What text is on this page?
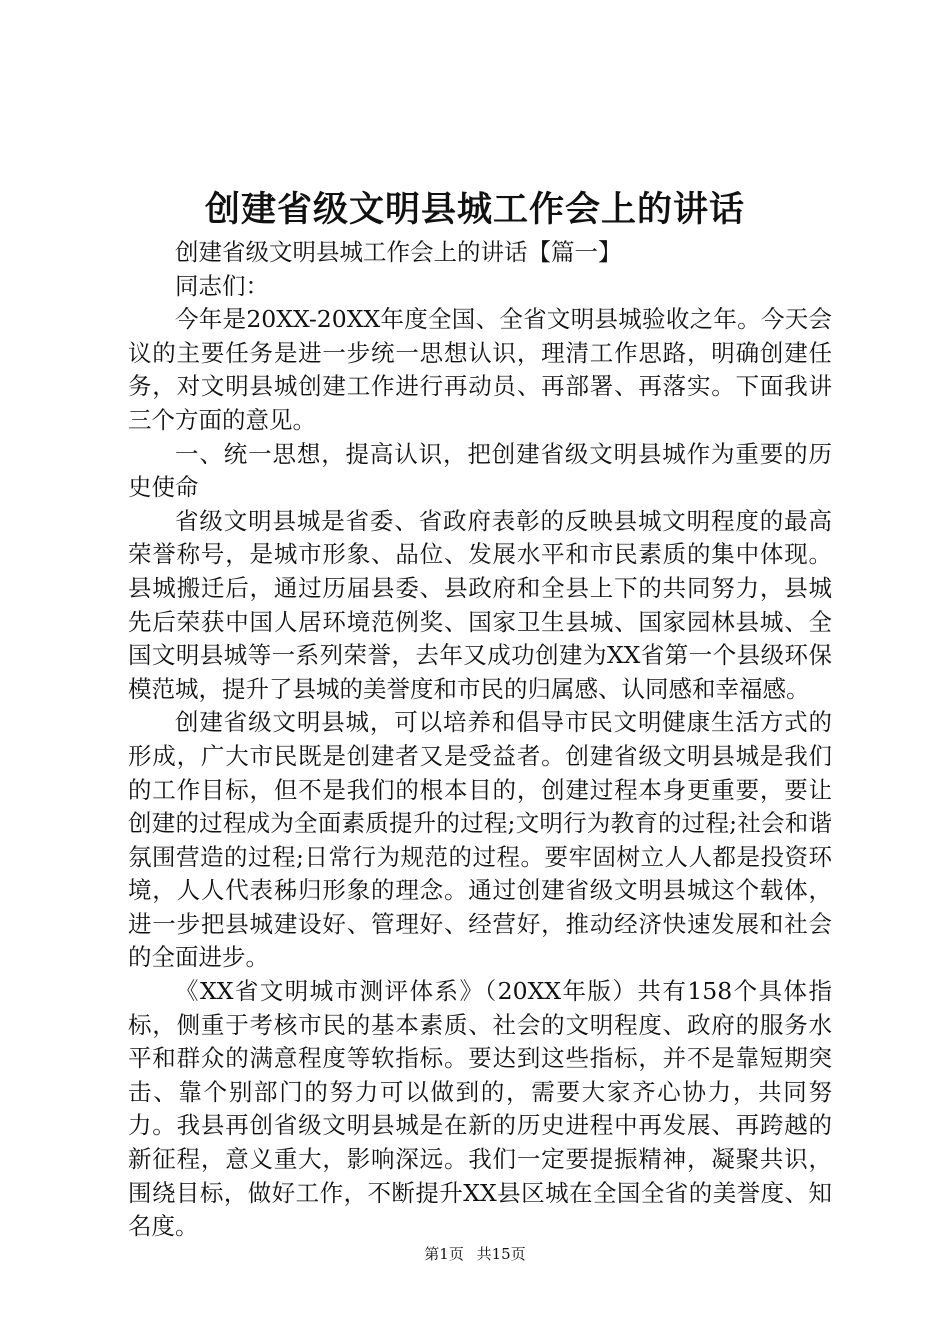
创建省级文明县城工作会上的讲话

创建省级文明县城工作会上的讲话【篇一】

同志们：

今年是20XX-20XX年度全国、全省文明县城验收之年。今天会议的主要任务是进一步统一思想认识，理清工作思路，明确创建任务，对文明县城创建工作进行再动员、再部署、再落实。下面我讲三个方面的意见。

一、统一思想，提高认识，把创建省级文明县城作为重要的历史使命

省级文明县城是省委、省政府表彰的反映县城文明程度的最高荣誉称号，是城市形象、品位、发展水平和市民素质的集中体现。县城搬迁后，通过历届县委、县政府和全县上下的共同努力，县城先后荣获中国人居环境范例奖、国家卫生县城、国家园林县城、全国文明县城等一系列荣誉，去年又成功创建为XX省第一个县级环保模范城，提升了县城的美誉度和市民的归属感、认同感和幸福感。

创建省级文明县城，可以培养和倡导市民文明健康生活方式的形成，广大市民既是创建者又是受益者。创建省级文明县城是我们的工作目标，但不是我们的根本目的，创建过程本身更重要，要让创建的过程成为全面素质提升的过程;文明行为教育的过程;社会和谐氛围营造的过程;日常行为规范的过程。要牢固树立人人都是投资环境，人人代表秭归形象的理念。通过创建省级文明县城这个载体，进一步把县城建设好、管理好、经营好，推动经济快速发展和社会的全面进步。

《XX省文明城市测评体系》（20XX年版）共有158个具体指标，侧重于考核市民的基本素质、社会的文明程度、政府的服务水平和群众的满意程度等软指标。要达到这些指标，并不是靠短期突击、靠个别部门的努力可以做到的，需要大家齐心协力，共同努力。我县再创省级文明县城是在新的历史进程中再发展、再跨越的新征程，意义重大，影响深远。我们一定要提振精神，凝聚共识，围绕目标，做好工作，不断提升XX县区城在全国全省的美誉度、知名度。

第1页 共15页
